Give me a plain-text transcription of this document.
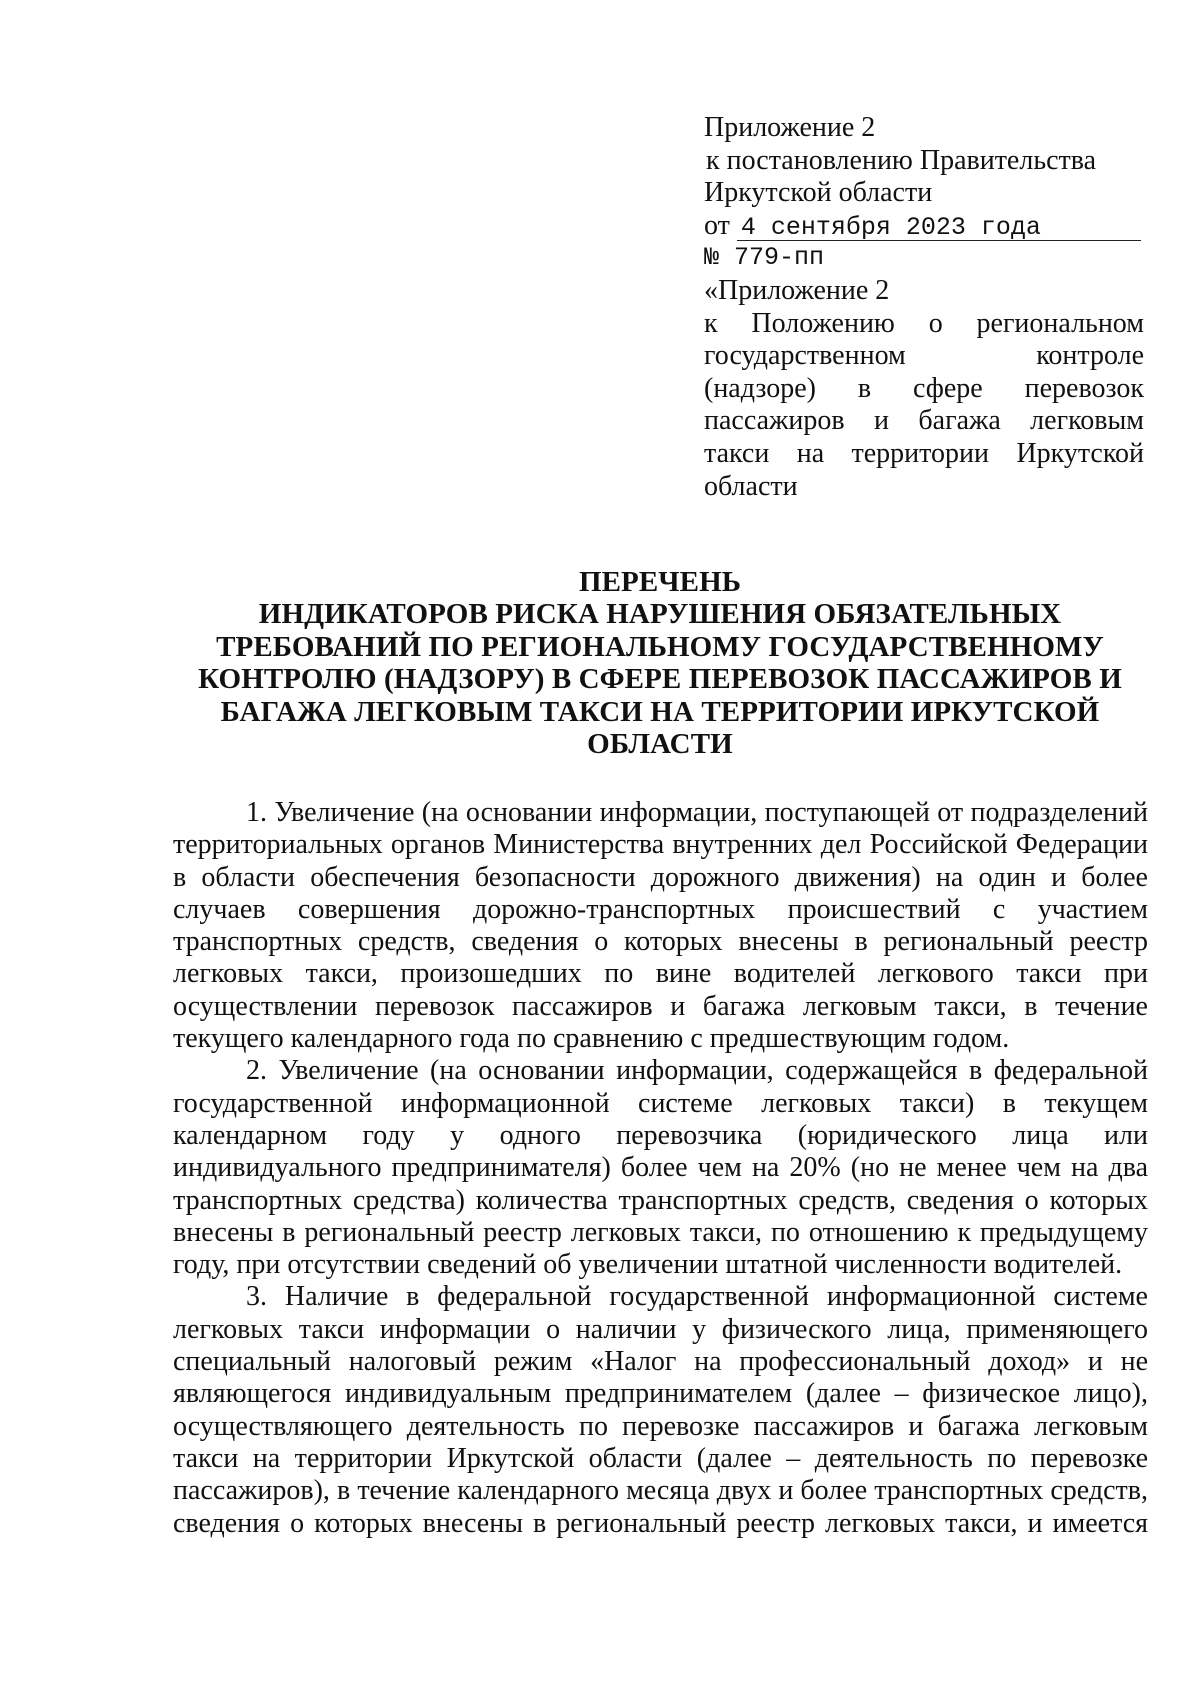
Приложение 2
к постановлению Правительства
Иркутской области
от 4 сентября 2023 года
№ 779-пп
«Приложение 2
к Положению о региональном
государственном контроле
(надзоре) в сфере перевозок
пассажиров и багажа легковым
такси на территории Иркутской
области
ПЕРЕЧЕНЬ
ИНДИКАТОРОВ РИСКА НАРУШЕНИЯ ОБЯЗАТЕЛЬНЫХ
ТРЕБОВАНИЙ ПО РЕГИОНАЛЬНОМУ ГОСУДАРСТВЕННОМУ
КОНТРОЛЮ (НАДЗОРУ) В СФЕРЕ ПЕРЕВОЗОК ПАССАЖИРОВ И
БАГАЖА ЛЕГКОВЫМ ТАКСИ НА ТЕРРИТОРИИ ИРКУТСКОЙ
ОБЛАСТИ
1. Увеличение (на основании информации, поступающей от подразделений
территориальных органов Министерства внутренних дел Российской Федерации
в области обеспечения безопасности дорожного движения) на один и более
случаев совершения дорожно-транспортных происшествий с участием
транспортных средств, сведения о которых внесены в региональный реестр
легковых такси, произошедших по вине водителей легкового такси при
осуществлении перевозок пассажиров и багажа легковым такси, в течение
текущего календарного года по сравнению с предшествующим годом.
2. Увеличение (на основании информации, содержащейся в федеральной
государственной информационной системе легковых такси) в текущем
календарном году у одного перевозчика (юридического лица или
индивидуального предпринимателя) более чем на 20% (но не менее чем на два
транспортных средства) количества транспортных средств, сведения о которых
внесены в региональный реестр легковых такси, по отношению к предыдущему
году, при отсутствии сведений об увеличении штатной численности водителей.
3. Наличие в федеральной государственной информационной системе
легковых такси информации о наличии у физического лица, применяющего
специальный налоговый режим «Налог на профессиональный доход» и не
являющегося индивидуальным предпринимателем (далее – физическое лицо),
осуществляющего деятельность по перевозке пассажиров и багажа легковым
такси на территории Иркутской области (далее – деятельность по перевозке
пассажиров), в течение календарного месяца двух и более транспортных средств,
сведения о которых внесены в региональный реестр легковых такси, и имеется
